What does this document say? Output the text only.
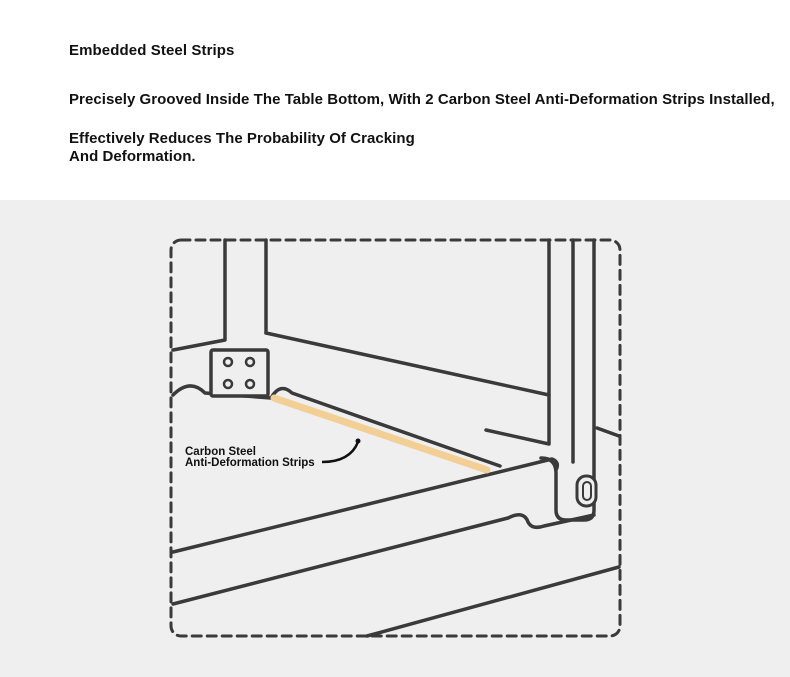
Embedded Steel Strips
Precisely Grooved Inside The Table Bottom, With 2 Carbon Steel Anti-Deformation Strips Installed,
Effectively Reduces The Probability Of Cracking
And Deformation.
Carbon Steel
Anti-Deformation Strips
